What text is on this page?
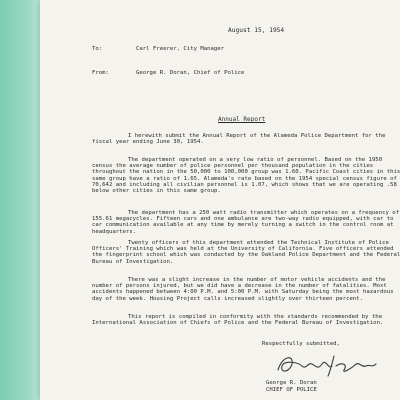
August 15, 1954
To:	Carl Freerer, City Manager
From:	George R. Doran, Chief of Police
Annual Report
I herewith submit the Annual Report of the Alameda Police Department for the fiscal year ending June 30, 1954.
The department operated on a very low ratio of personnel. Based on the 1950 census the average number of police personnel per thousand population in the cities throughout the nation in the 50,000 to 100,000 group was 1.60. Pacific Coast cities in this same group have a ratio of 1.65. Alameda's rate based on the 1954 special census figure of 70,642 and including all civilian personnel is 1.07, which shows that we are operating .58 below other cities in this same group.
The department has a 250 watt radio transmitter which operates on a frequency of 155.61 megacycles. Fifteen cars and one ambulance are two-way radio equipped, with car to car communication available at any time by merely turning a switch in the control room at headquarters.
Twenty officers of this department attended the Technical Institute of Police Officers' Training which was held at the University of California. Five officers attended the fingerprint school which was conducted by the Oakland Police Department and the Federal Bureau of Investigation.
There was a slight increase in the number of motor vehicle accidents and the number of persons injured, but we did have a decrease in the number of fatalities. Most accidents happened between 4:00 P.M. and 5:00 P.M. with Saturday being the most hazardous day of the week. Housing Project calls increased slightly over thirteen percent.
This report is compiled in conformity with the standards recommended by the International Association of Chiefs of Police and the Federal Bureau of Investigation.
Respectfully submitted,
George R. Doran
CHIEF OF POLICE
